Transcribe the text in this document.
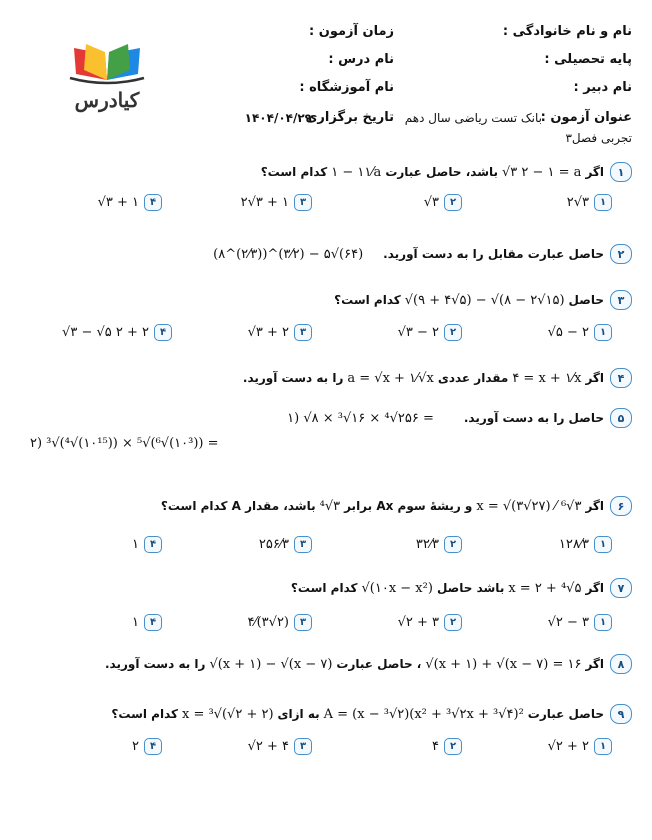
نام و نام خانوادگی :
زمان آزمون :
پایه تحصیلی :
نام درس :
نام دبیر :
نام آموزشگاه :
عنوان آزمون :
بانک تست ریاضی سال دهم
تجربی فصل۳
تاریخ برگزاری
۱۴۰۴/۰۴/۲۹
کیادرس
۱
اگر
√۳ ۲ − ۱ = a
باشد، حاصل عبارت
۱ − ۱۱⁄a
کدام است؟
۱
۲√۳
۲
√۳
۳
۲√۳ + ۱
۴
√۳ + ۱
۲
حاصل عبارت مقابل را به دست آورید.
(۸^(۲⁄۳))^(۳⁄۲) − ۵√(۶۴)
۳
حاصل
√(۹ + ۴√۵) − √(۸ − ۲√۱۵)
کدام است؟
۱
√۵ − ۲
۲
√۳ − ۲
۳
√۳ + ۲
۴
√۳ − √۵ ۲ + ۲
۴
اگر
۴ = x + ۱⁄x
مقدار عددی
a = √x + ۱⁄√x
را به دست آورید.
۵
حاصل را به دست آورید.
۱) √۸ × ³√۱۶ × ⁴√۲۵۶ =
۲) ³√(⁴√(۱۰¹⁵)) × ⁵√(⁶√(۱۰³)) =
۶
اگر
x = √(۳√۲۷) ⁄ ⁶√۳
و ریشهٔ سوم Ax برابر
⁴√۳
باشد، مقدار A کدام است؟
۱
۱۲۸⁄۳
۲
۳۲⁄۳
۳
۲۵۶⁄۳
۴
۱
۷
اگر
x = ۲ + ⁴√۵
باشد حاصل
√(۱۰x − x²)
کدام است؟
۱
√۲ − ۳
۲
√۲ + ۳
۳
۴⁄(۳√۲)
۴
۱
۸
اگر
√(x + ۱) + √(x − ۷) = ۱۶
، حاصل عبارت
√(x + ۱) − √(x − ۷)
را به دست آورید.
۹
حاصل عبارت
A = (x − ³√۲)(x² + ³√۲x + ³√۴)²
به ازای
x = ³√(√۲ + ۲)
کدام است؟
۱
√۲ + ۲
۲
۴
۳
√۲ + ۴
۴
۲
